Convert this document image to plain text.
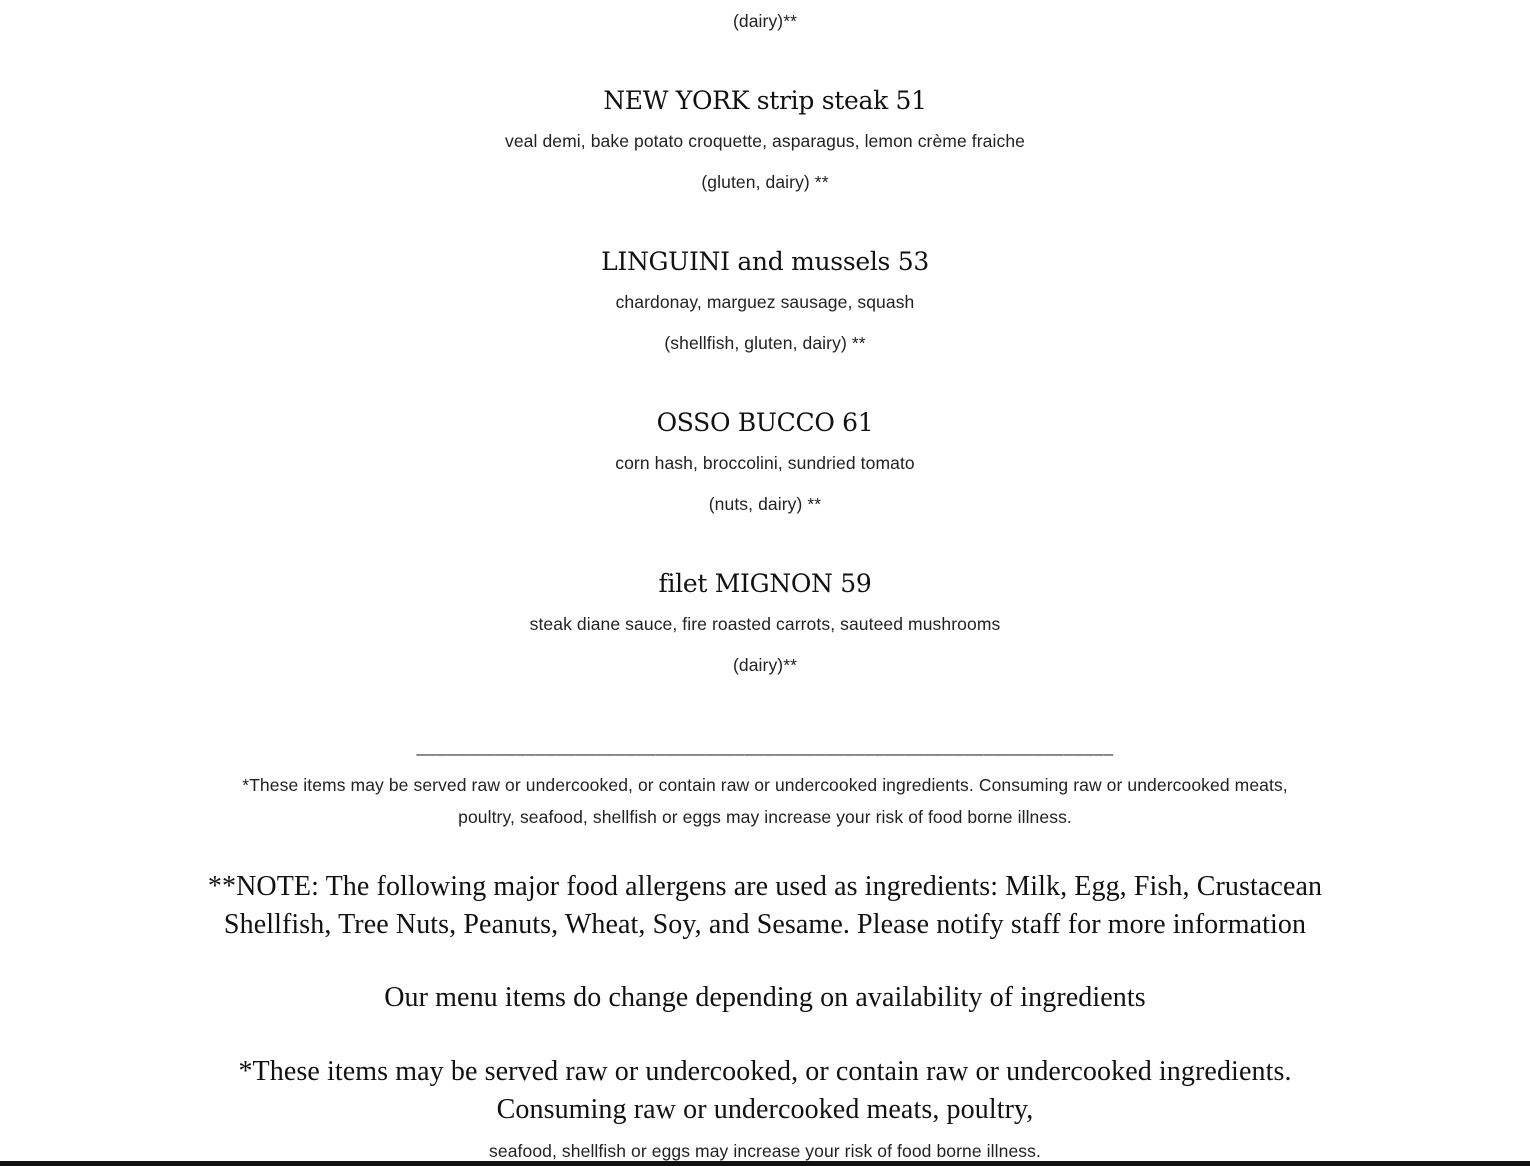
(dairy)**
NEW YORK strip steak 51
veal demi, bake potato croquette, asparagus, lemon crème fraiche
(gluten, dairy) **
LINGUINI and mussels 53
chardonay, marguez sausage, squash
(shellfish, gluten, dairy) **
OSSO BUCCO 61
corn hash, broccolini, sundried tomato
(nuts, dairy) **
filet MIGNON 59
steak diane sauce, fire roasted carrots, sauteed mushrooms
(dairy)**
______________________________________________________________________
*These items may be served raw or undercooked, or contain raw or undercooked ingredients. Consuming raw or undercooked meats,
poultry, seafood, shellfish or eggs may increase your risk of food borne illness.
**NOTE: The following major food allergens are used as ingredients: Milk, Egg, Fish, Crustacean
Shellfish, Tree Nuts, Peanuts, Wheat, Soy, and Sesame. Please notify staff for more information
Our menu items do change depending on availability of ingredients
*These items may be served raw or undercooked, or contain raw or undercooked ingredients.
Consuming raw or undercooked meats, poultry,
seafood, shellfish or eggs may increase your risk of food borne illness.
